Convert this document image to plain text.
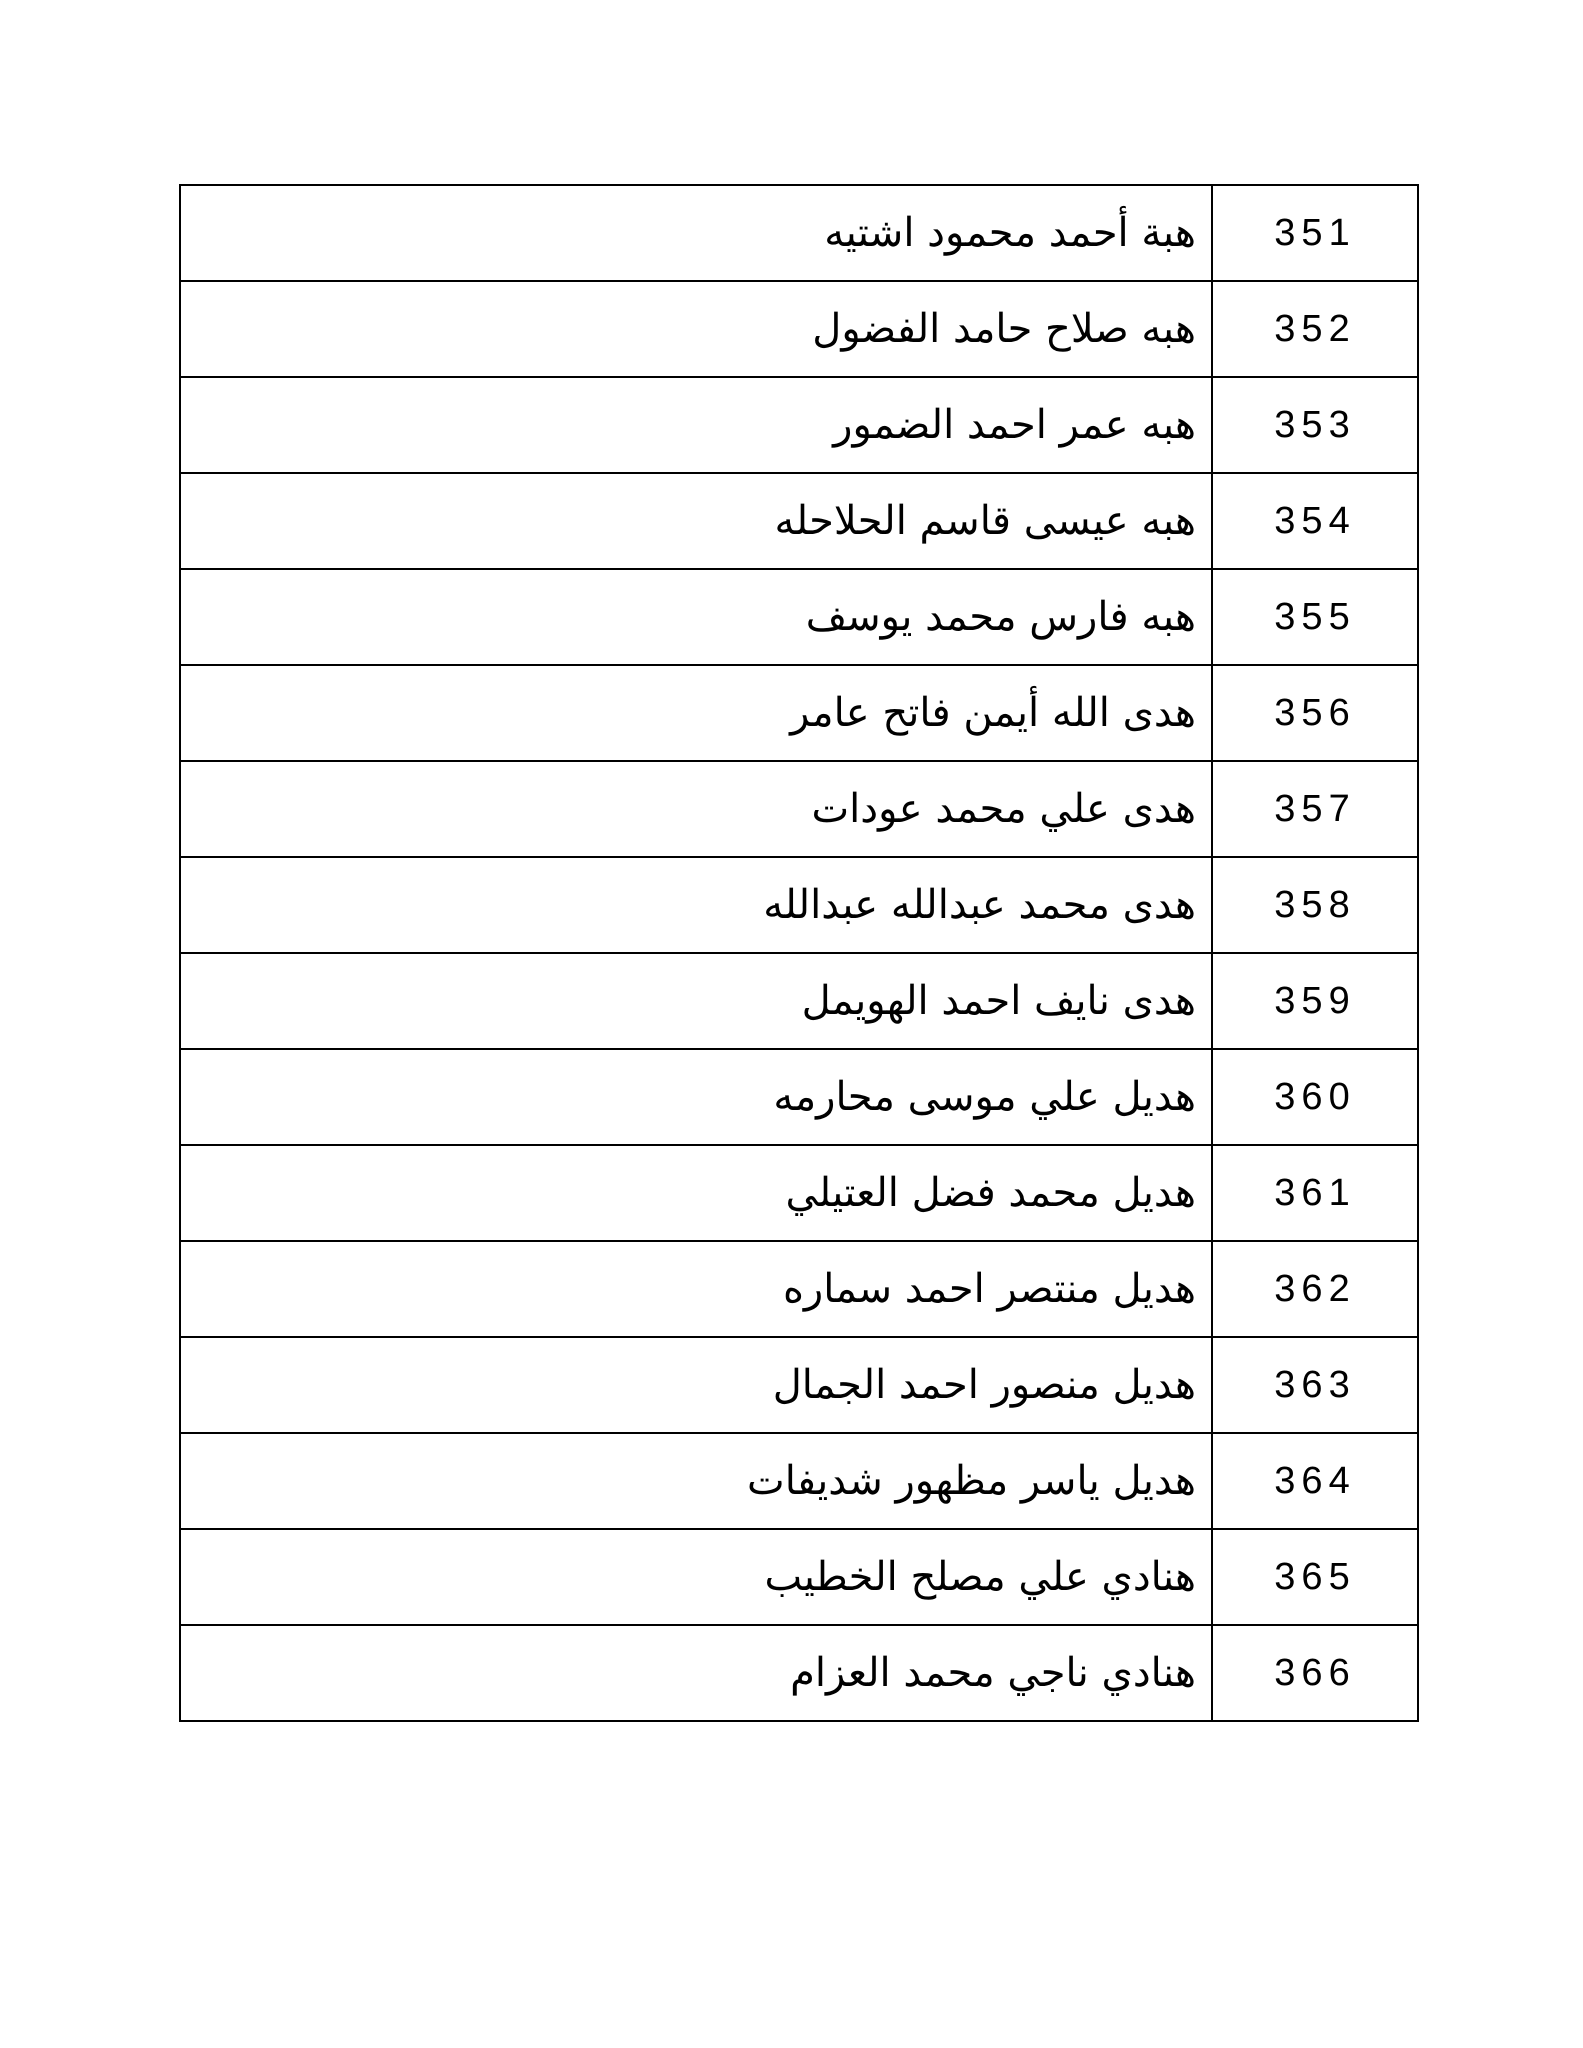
هبة أحمد محمود اشتيه	351
هبه صلاح حامد الفضول	352
هبه عمر احمد الضمور	353
هبه عيسى قاسم الحلاحله	354
هبه فارس محمد يوسف	355
هدى الله أيمن فاتح عامر	356
هدى علي محمد عودات	357
هدى محمد عبدالله عبدالله	358
هدى نايف احمد الهويمل	359
هديل علي موسى محارمه	360
هديل محمد فضل العتيلي	361
هديل منتصر احمد سماره	362
هديل منصور احمد الجمال	363
هديل ياسر مظهور شديفات	364
هنادي علي مصلح الخطيب	365
هنادي ناجي محمد العزام	366
